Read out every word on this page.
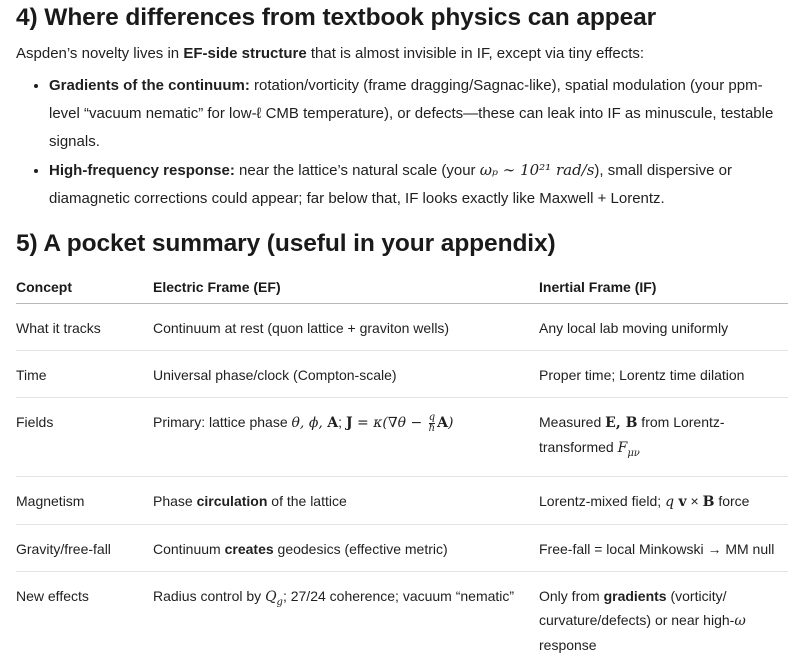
4) Where differences from textbook physics can appear

Aspden’s novelty lives in EF-side structure that is almost invisible in IF, except via tiny effects:

• Gradients of the continuum: rotation/vorticity (frame dragging/Sagnac-like), spatial modulation (your ppm-level “vacuum nematic” for low-ℓ CMB temperature), or defects—these can leak into IF as minuscule, testable signals.
• High-frequency response: near the lattice’s natural scale (your ωₚ ∼ 10²¹ rad/s), small dispersive or diamagnetic corrections could appear; far below that, IF looks exactly like Maxwell + Lorentz.
5) A pocket summary (useful in your appendix)
Concept	Electric Frame (EF)	Inertial Frame (IF)
What it tracks	Continuum at rest (quon lattice + graviton wells)	Any local lab moving uniformly
Time	Universal phase/clock (Compton-scale)	Proper time; Lorentz time dilation
Fields	Primary: lattice phase θ, ϕ, A; $J = \kappa(\nabla\theta - \frac{q}{ħ} A)$	Measured E, B from Lorentz-transformed $F_{\mu\nu}$
Magnetism	Phase circulation of the lattice	Lorentz-mixed field; q v × B force
Gravity/free-fall	Continuum creates geodesics (effective metric)	Free-fall = local Minkowski → MM null
New effects	Radius control by $Q_g$; 27/24 coherence; vacuum “nematic”	Only from gradients (vorticity/ curvature/defects) or near high-ω response
